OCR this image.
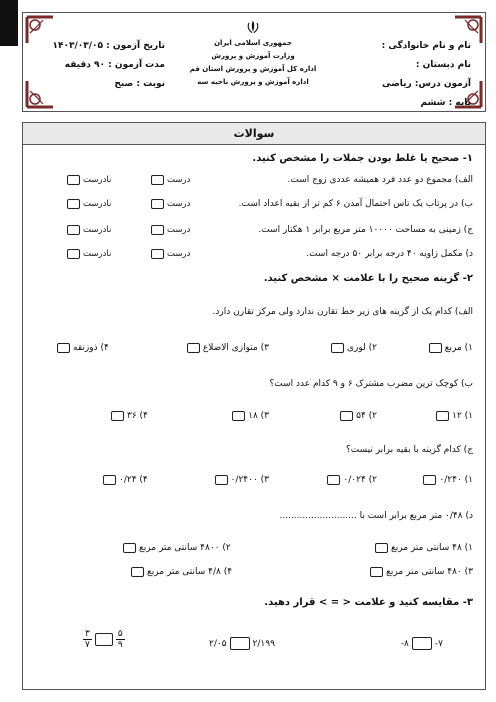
نام و نام خانوادگی :
نام دبستان :
آزمون درس: ریاضی
پایه : ششم
جمهوری اسلامی ایران
وزارت آموزش و پرورش
اداره کل آموزش و پرورش استان قم
اداره آموزش و پرورش ناحیه سه
تاریخ آزمون : ۱۴۰۳/۰۳/۰۵
مدت آزمون : ۹۰ دقیقه
نوبت : صبح
سوالات
۱- صحیح یا غلط بودن جملات را مشخص کنید.
الف) مجموع دو عدد فرد همیشه عددی زوج است.
درست
نادرست
ب) در پرتاب یک تاس احتمال آمدن ۶ کم تر از بقیه اعداد است.
درست
نادرست
ج) زمینی به مساحت ۱۰۰۰۰ متر مربع برابر ۱ هکتار است.
درست
نادرست
د) مکمل زاویه ۴۰ درجه برابر ۵۰ درجه است.
درست
نادرست
۲- گزینه صحیح را با علامت × مشخص کنید.
الف) کدام یک از گزینه های زیر خط تقارن ندارد ولی مرکز تقارن دارد.
۱) مربع
۲) لوزی
۳) متوازی الاضلاع
۴) ذوزنقه
ب) کوچک ترین مضرب مشترک ۶ و ۹ کدام عدد است؟
۱) ۱۲
۲) ۵۴
۳) ۱۸
۴) ۳۶
ج) کدام گزینه با بقیه برابر نیست؟
۱) ۰/۲۴۰
۲) ۰/۰۲۴
۳) ۰/۲۴۰۰
۴) ۰/۲۴
د) ۰/۴۸ متر مربع برابر است با ...........................
۱) ۴۸ سانتی متر مربع
۲) ۴۸۰۰ سانتی متر مربع
۳) ۴۸۰ سانتی متر مربع
۴) ۴/۸ سانتی متر مربع
۳- مقایسه کنید و علامت < = > قرار دهید.
-۸	-۷
۲/۰۵	۲/۱۹۹
$\frac{۳}{۷}$	$\frac{۵}{۹}$
